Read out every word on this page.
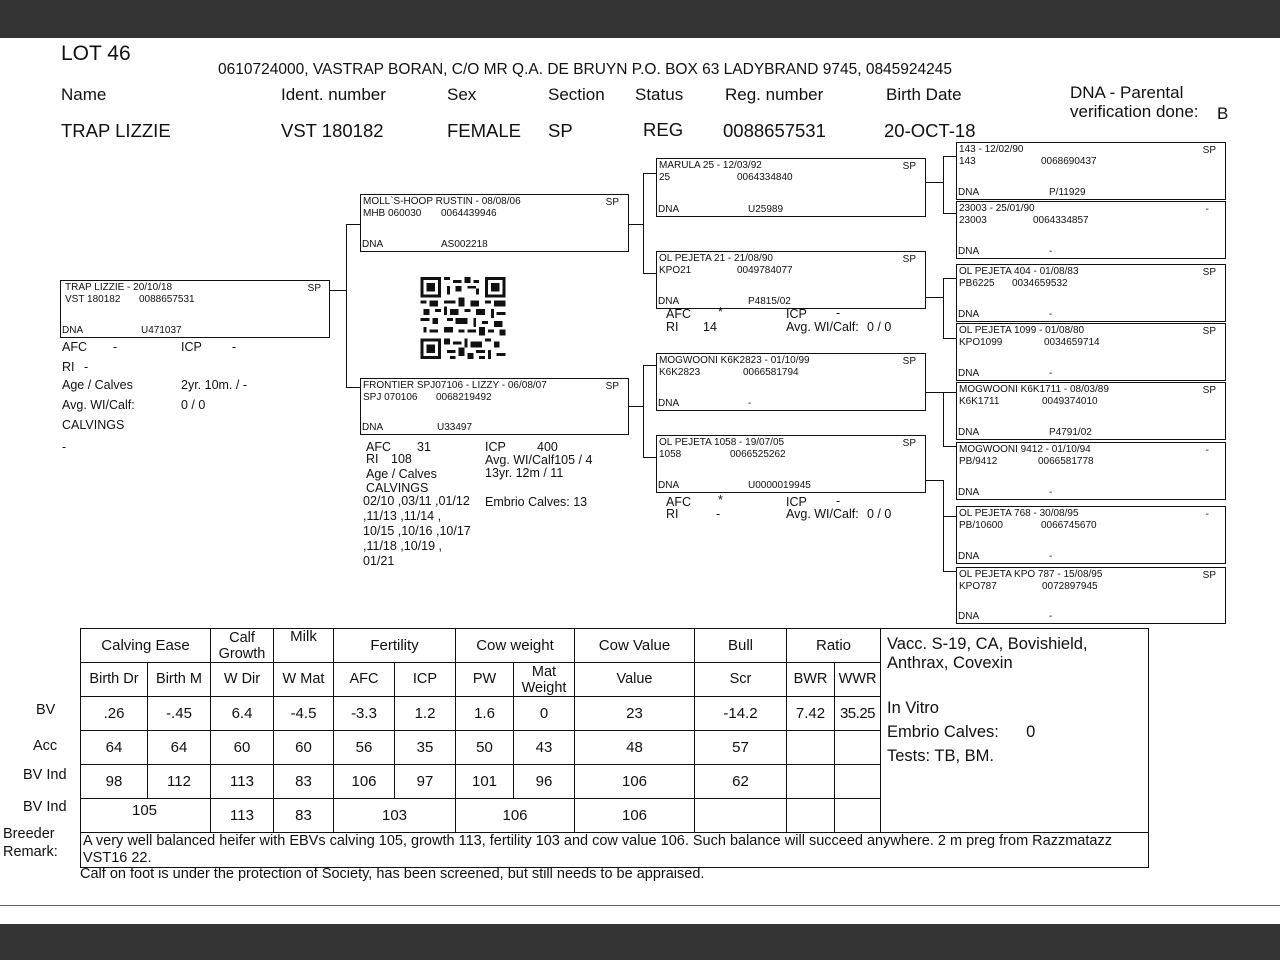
LOT 46
0610724000, VASTRAP BORAN, C/O MR Q.A. DE BRUYN P.O. BOX 63 LADYBRAND 9745, 0845924245
Name	Ident. number	Sex	Section Status Reg. number	Birth Date	DNA - Parental
verification done: B
TRAP LIZZIE	VST 180182	FEMALE SP	REG 0088657531	20-OCT-18
TRAP LIZZIE - 20/10/18	SP
VST 180182 0088657531
DNA	U471037
AFC -	ICP -
RI -
Age / Calves	2yr. 10m. / -
Avg. WI/Calf:	0 / 0
CALVINGS
-
MOLL`S-HOOP RUSTIN - 08/08/06	SP
MHB 060030 0064439946
DNA	AS002218
FRONTIER SPJ07106 - LIZZY - 06/08/07	SP
SPJ 070106 0068219492
DNA	U33497
AFC 31	ICP 400
RI 108	Avg. WI/Calf105 / 4
Age / Calves	13yr. 12m / 11
CALVINGS
Embrio Calves: 13
02/10 ,03/11 ,01/12
,11/13 ,11/14 ,
10/15 ,10/16 ,10/17
,11/18 ,10/19 ,
01/21
MARULA 25 - 12/03/92	SP
25	0064334840
DNA	U25989
OL PEJETA 21 - 21/08/90	SP
KPO21	0049784077
DNA	P4815/02
AFC *	ICP -
RI 14	Avg. WI/Calf: 0 / 0
MOGWOONI K6K2823 - 01/10/99	SP
K6K2823	0066581794
DNA	-
OL PEJETA 1058 - 19/07/05	SP
1058	0066525262
DNA	U0000019945
AFC *	ICP -
RI	-	Avg. WI/Calf: 0 / 0
143 - 12/02/90	SP
143	0068690437
DNA	P/11929
23003 - 25/01/90	-
23003	0064334857
DNA	-
OL PEJETA 404 - 01/08/83	SP
PB6225 0034659532
DNA	-
OL PEJETA 1099 - 01/08/80	SP
KPO1099	0034659714
DNA	-
MOGWOONI K6K1711 - 08/03/89	SP
K6K1711	0049374010
DNA	P4791/02
MOGWOONI 9412 - 01/10/94	-
PB/9412	0066581778
DNA	-
OL PEJETA 768 - 30/08/95	-
PB/10600	0066745670
DNA	-
OL PEJETA KPO 787 - 15/08/95	SP
KPO787	0072897945
DNA	-
BV
Acc
BV Ind
BV Ind
Breeder
Remark:
Calving Ease		Calf Growth	Milk	Fertility		Cow weight		Cow Value	Bull	Ratio		Vacc. S-19, CA, Bovishield, Anthrax, Covexin
In Vitro
Embrio Calves: 0
Tests: TB, BM.

Birth Dr	Birth M	W Dir	W Mat	AFC	ICP	PW	Mat Weight	Value	Scr	BWR	WWR	
.26	-.45	6.4	-4.5	-3.3	1.2	1.6	0	23	-14.2	7.42	35.25	
64	64	60	60	56	35	50	43	48	57			
98	112	113	83	106	97	101	96	106	62			
105		113	83	103		106		106				
A very well balanced heifer with EBVs calving 105, growth 113, fertility 103 and cow value 106. Such balance will succeed anywhere. 2 m preg from Razzmatazz VST16 22.												
Calf on foot is under the protection of Society, has been screened, but still needs to be appraised.
